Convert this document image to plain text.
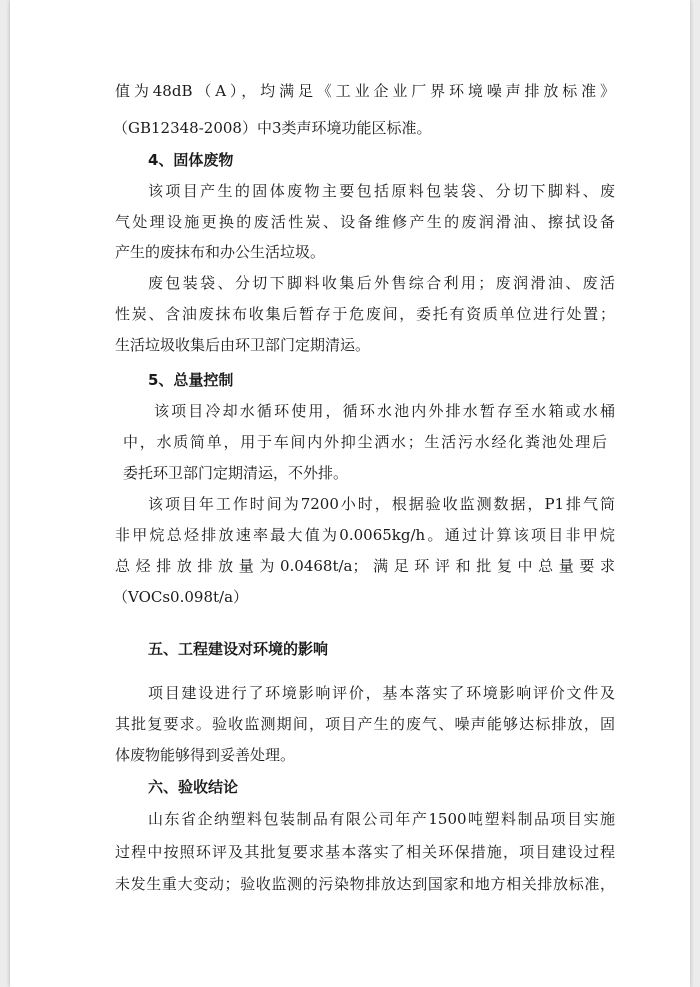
值为48dB（A），均满足《工业企业厂界环境噪声排放标准》
（GB12348-2008）中3类声环境功能区标准。
4、固体废物
该项目产生的固体废物主要包括原料包装袋、分切下脚料、废
气处理设施更换的废活性炭、设备维修产生的废润滑油、擦拭设备
产生的废抹布和办公生活垃圾。
废包装袋、分切下脚料收集后外售综合利用；废润滑油、废活
性炭、含油废抹布收集后暂存于危废间，委托有资质单位进行处置；
生活垃圾收集后由环卫部门定期清运。
5、总量控制
该项目冷却水循环使用，循环水池内外排水暂存至水箱或水桶
中，水质简单，用于车间内外抑尘洒水；生活污水经化粪池处理后
委托环卫部门定期清运，不外排。
该项目年工作时间为7200小时，根据验收监测数据，P1排气筒
非甲烷总烃排放速率最大值为0.0065kg/h。通过计算该项目非甲烷
总烃排放排放量为0.0468t/a；满足环评和批复中总量要求
（VOCs0.098t/a）
五、工程建设对环境的影响
项目建设进行了环境影响评价，基本落实了环境影响评价文件及
其批复要求。验收监测期间，项目产生的废气、噪声能够达标排放，固
体废物能够得到妥善处理。
六、验收结论
山东省企纳塑料包装制品有限公司年产1500吨塑料制品项目实施
过程中按照环评及其批复要求基本落实了相关环保措施，项目建设过程
未发生重大变动；验收监测的污染物排放达到国家和地方相关排放标准，
